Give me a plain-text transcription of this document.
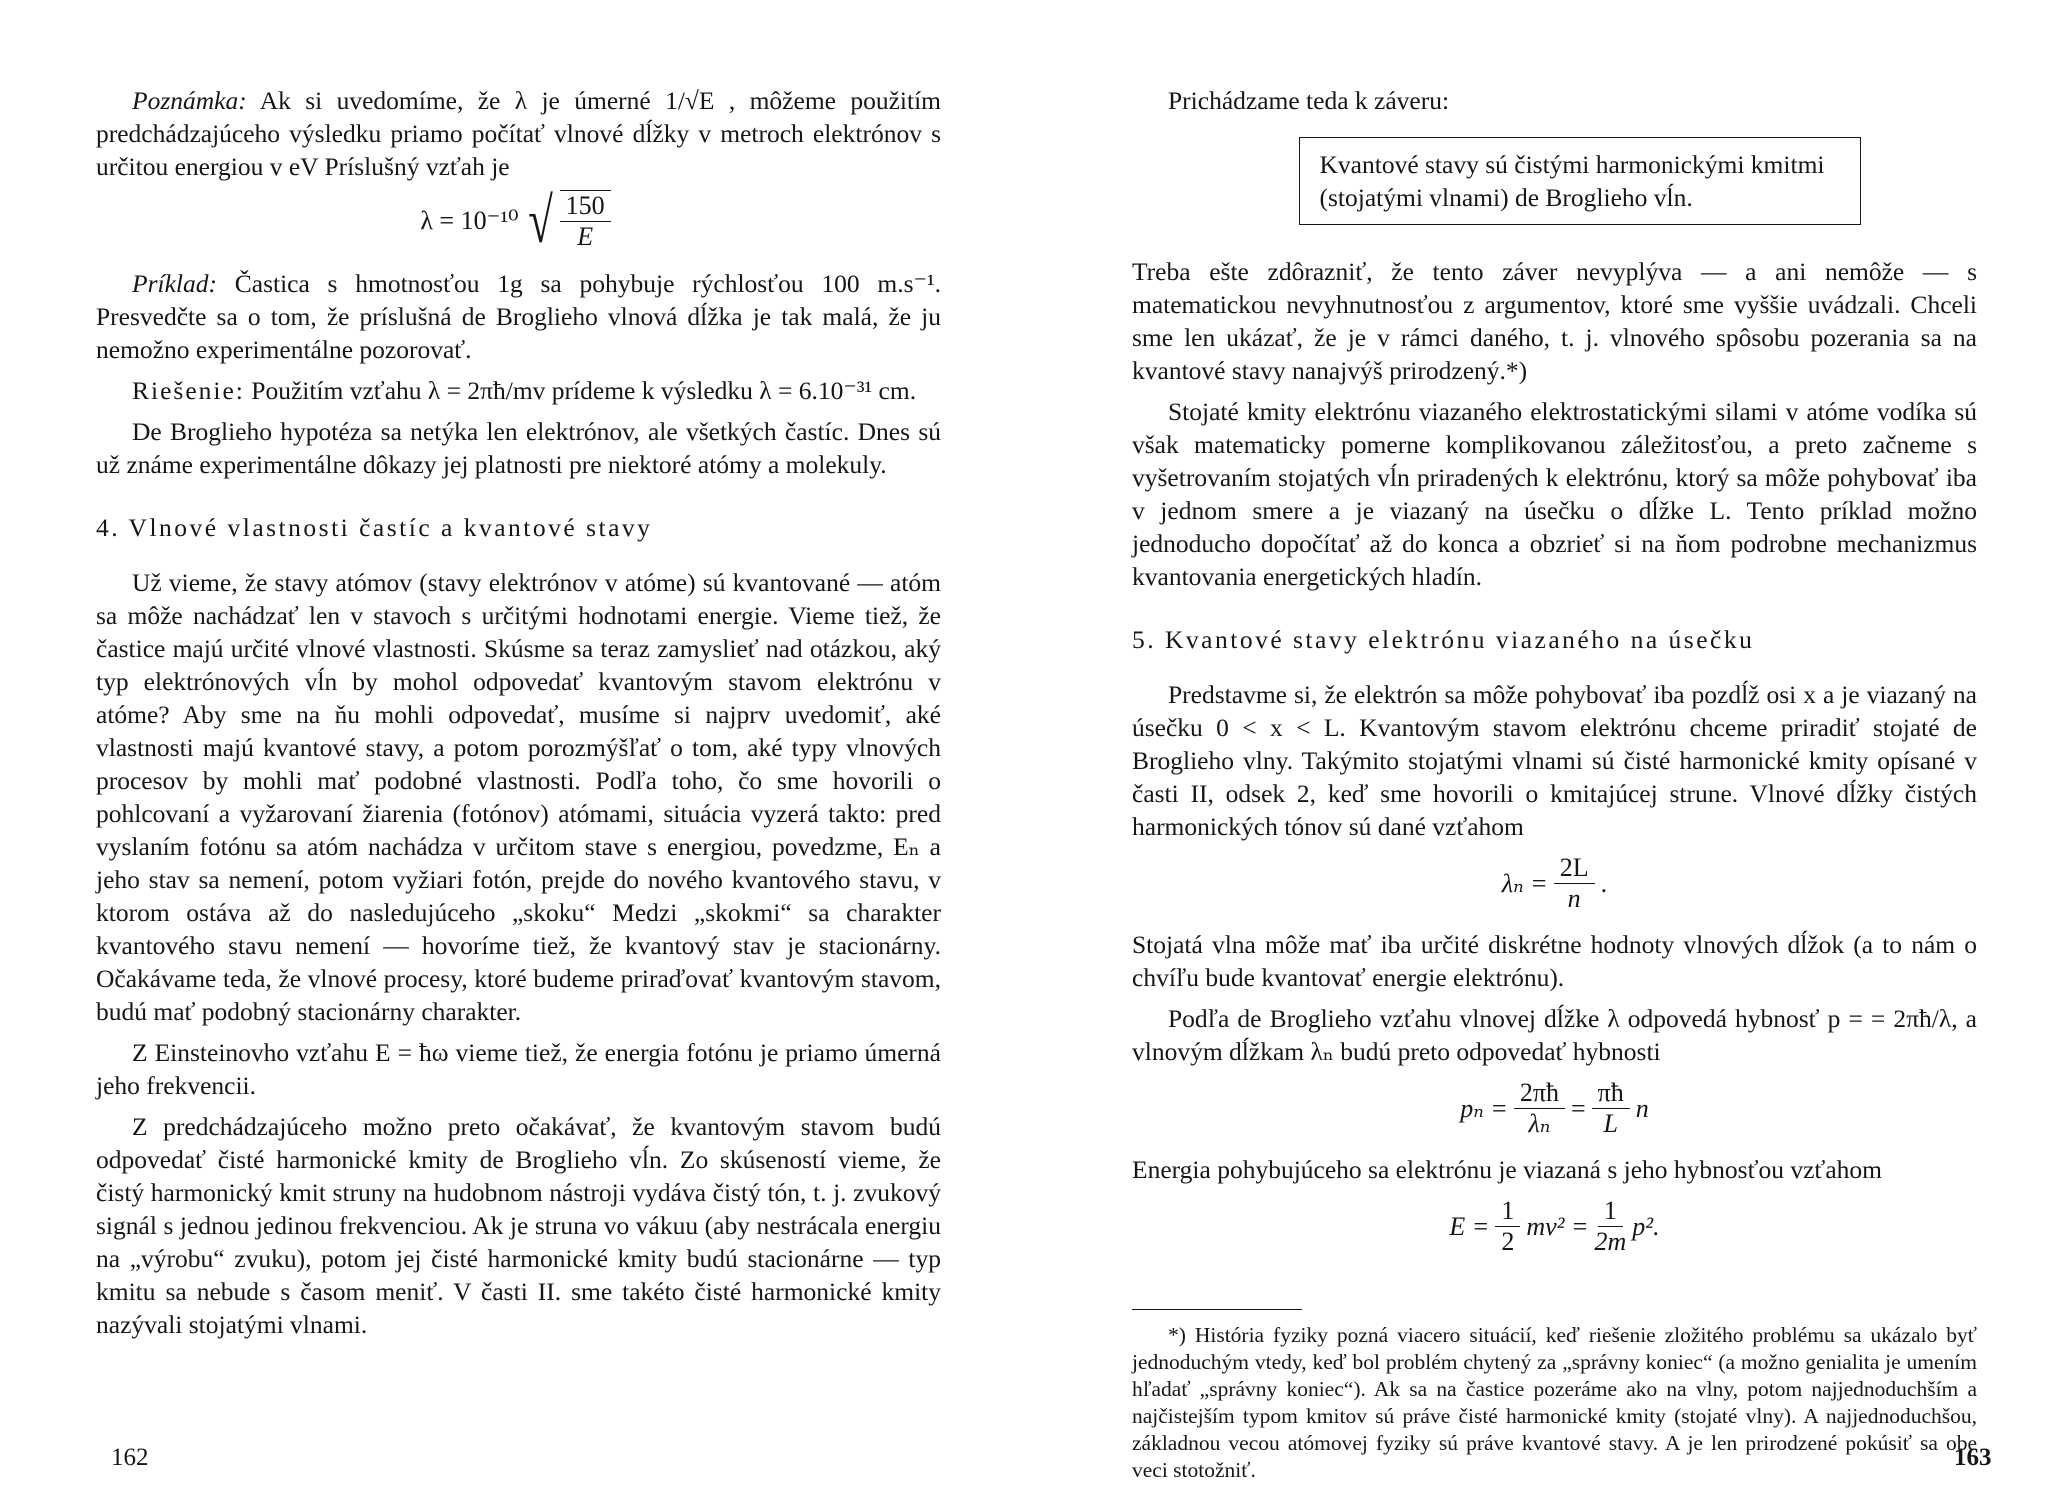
Poznámka: Ak si uvedomíme, že λ je úmerné 1/√E , môžeme použitím predchádzajúceho výsledku priamo počítať vlnové dĺžky v metroch elektrónov s určitou energiou v eV Príslušný vzťah je

λ = 10⁻¹⁰ √ $\frac{150}{E}$

Príklad: Častica s hmotnosťou 1g sa pohybuje rýchlosťou 100 m.s⁻¹. Presvedčte sa o tom, že príslušná de Broglieho vlnová dĺžka je tak malá, že ju nemožno experimentálne pozorovať.

Riešenie: Použitím vzťahu λ = 2πħ/mv prídeme k výsledku λ = 6.10⁻³¹ cm.

De Broglieho hypotéza sa netýka len elektrónov, ale všetkých častíc. Dnes sú už známe experimentálne dôkazy jej platnosti pre niektoré atómy a molekuly.

4. Vlnové vlastnosti častíc a kvantové stavy

Už vieme, že stavy atómov (stavy elektrónov v atóme) sú kvantované — atóm sa môže nachádzať len v stavoch s určitými hodnotami energie. Vieme tiež, že častice majú určité vlnové vlastnosti. Skúsme sa teraz zamyslieť nad otázkou, aký typ elektrónových vĺn by mohol odpovedať kvantovým stavom elektrónu v atóme? Aby sme na ňu mohli odpovedať, musíme si najprv uvedomiť, aké vlastnosti majú kvantové stavy, a potom porozmýšľať o tom, aké typy vlnových procesov by mohli mať podobné vlastnosti. Podľa toho, čo sme hovorili o pohlcovaní a vyžarovaní žiarenia (fotónov) atómami, situácia vyzerá takto: pred vyslaním fotónu sa atóm nachádza v určitom stave s energiou, povedzme, Eₙ a jeho stav sa nemení, potom vyžiari fotón, prejde do nového kvantového stavu, v ktorom ostáva až do nasledujúceho „skoku“ Medzi „skokmi“ sa charakter kvantového stavu nemení — hovoríme tiež, že kvantový stav je stacionárny. Očakávame teda, že vlnové procesy, ktoré budeme priraďovať kvantovým stavom, budú mať podobný stacionárny charakter.

Z Einsteinovho vzťahu E = ħω vieme tiež, že energia fotónu je priamo úmerná jeho frekvencii.

Z predchádzajúceho možno preto očakávať, že kvantovým stavom budú odpovedať čisté harmonické kmity de Broglieho vĺn. Zo skúseností vieme, že čistý harmonický kmit struny na hudobnom nástroji vydáva čistý tón, t. j. zvukový signál s jednou jedinou frekvenciou. Ak je struna vo vákuu (aby nestrácala energiu na „výrobu“ zvuku), potom jej čisté harmonické kmity budú stacionárne — typ kmitu sa nebude s časom meniť. V časti II. sme takéto čisté harmonické kmity nazývali stojatými vlnami.

Prichádzame teda k záveru:

Kvantové stavy sú čistými harmonickými kmitmi (stojatými vlnami) de Broglieho vĺn.

Treba ešte zdôrazniť, že tento záver nevyplýva — a ani nemôže — s matematickou nevyhnutnosťou z argumentov, ktoré sme vyššie uvádzali. Chceli sme len ukázať, že je v rámci daného, t. j. vlnového spôsobu pozerania sa na kvantové stavy nanajvýš prirodzený.*)

Stojaté kmity elektrónu viazaného elektrostatickými silami v atóme vodíka sú však matematicky pomerne komplikovanou záležitosťou, a preto začneme s vyšetrovaním stojatých vĺn priradených k elektrónu, ktorý sa môže pohybovať iba v jednom smere a je viazaný na úsečku o dĺžke L. Tento príklad možno jednoducho dopočítať až do konca a obzrieť si na ňom podrobne mechanizmus kvantovania energetických hladín.

5. Kvantové stavy elektrónu viazaného na úsečku

Predstavme si, že elektrón sa môže pohybovať iba pozdĺž osi x a je viazaný na úsečku 0 < x < L. Kvantovým stavom elektrónu chceme priradiť stojaté de Broglieho vlny. Takýmito stojatými vlnami sú čisté harmonické kmity opísané v časti II, odsek 2, keď sme hovorili o kmitajúcej strune. Vlnové dĺžky čistých harmonických tónov sú dané vzťahom

$\lambda_n = \frac{2L}{n}$ .

Stojatá vlna môže mať iba určité diskrétne hodnoty vlnových dĺžok (a to nám o chvíľu bude kvantovať energie elektrónu).

Podľa de Broglieho vzťahu vlnovej dĺžke λ odpovedá hybnosť p = = 2πħ/λ, a vlnovým dĺžkam λₙ budú preto odpovedať hybnosti

$p_n = \frac{2\pi ħ}{\text{λₙ}} = \frac{\pi ħ}{L}$ n

Energia pohybujúceho sa elektrónu je viazaná s jeho hybnosťou vzťahom

$E = \frac{1}{2} mv^2 = \frac{1}{2m} p^2$.

*) História fyziky pozná viacero situácií, keď riešenie zložitého problému sa ukázalo byť jednoduchým vtedy, keď bol problém chytený za „správny koniec“ (a možno genialita je umením hľadať „správny koniec“). Ak sa na častice pozeráme ako na vlny, potom najjednoduchším a najčistejším typom kmitov sú práve čisté harmonické kmity (stojaté vlny). A najjednoduchšou, základnou vecou atómovej fyziky sú práve kvantové stavy. A je len prirodzené pokúsiť sa obe veci stotožniť.

162	163
